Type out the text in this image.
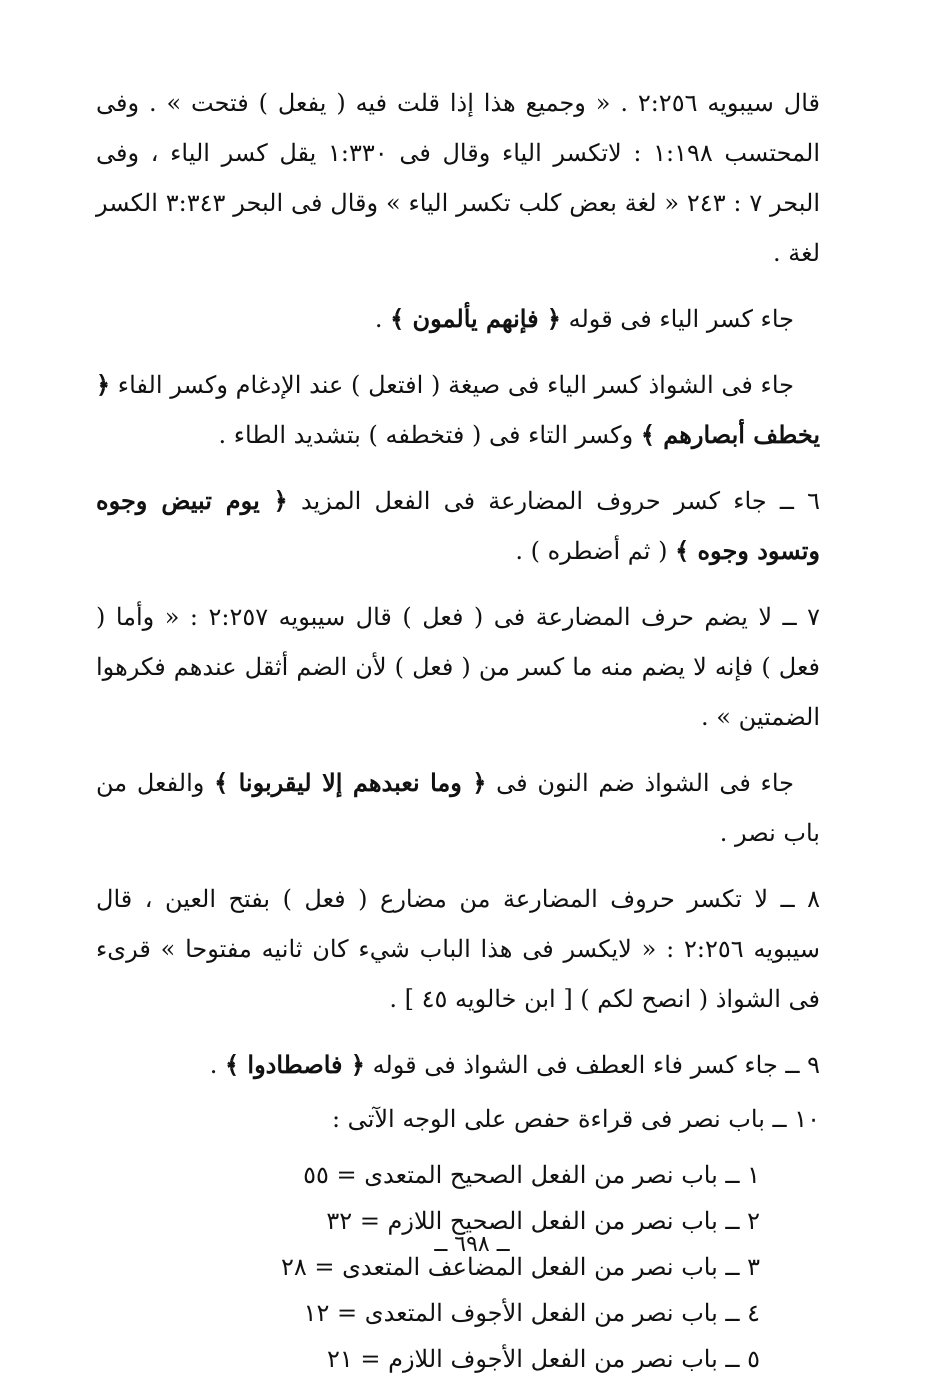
قال سيبويه ٢:٢٥٦ . « وجميع هذا إذا قلت فيه ( يفعل ) فتحت » . وفى المحتسب ١:١٩٨ : لاتكسر الياء وقال فى ١:٣٣٠ يقل كسر الياء ، وفى البحر ٧ : ٢٤٣ « لغة بعض كلب تكسر الياء » وقال فى البحر ٣:٣٤٣ الكسر لغة .

جاء كسر الياء فى قوله ﴿ فإنهم يألمون ﴾ .

جاء فى الشواذ كسر الياء فى صيغة ( افتعل ) عند الإدغام وكسر الفاء ﴿ يخطف أبصارهم ﴾ وكسر التاء فى ( فتخطفه ) بتشديد الطاء .

٦ ــ جاء كسر حروف المضارعة فى الفعل المزيد ﴿ يوم تبيض وجوه وتسود وجوه ﴾ ( ثم أضطره ) .

٧ ــ لا يضم حرف المضارعة فى ( فعل ) قال سيبويه ٢:٢٥٧ : « وأما ( فعل ) فإنه لا يضم منه ما كسر من ( فعل ) لأن الضم أثقل عندهم فكرهوا الضمتين » .

جاء فى الشواذ ضم النون فى ﴿ وما نعبدهم إلا ليقربونا ﴾ والفعل من باب نصر .

٨ ــ لا تكسر حروف المضارعة من مضارع ( فعل ) بفتح العين ، قال سيبويه ٢:٢٥٦ : « لايكسر فى هذا الباب شيء كان ثانيه مفتوحا » قرىء فى الشواذ ( انصح لكم ) [ ابن خالويه ٤٥ ] .

٩ ــ جاء كسر فاء العطف فى الشواذ فى قوله ﴿ فاصطادوا ﴾ .

١٠ ــ باب نصر فى قراءة حفص على الوجه الآتى :

١ ــ باب نصر من الفعل الصحيح المتعدى = ٥٥
٢ ــ باب نصر من الفعل الصحيح اللازم = ٣٢
٣ ــ باب نصر من الفعل المضاعف المتعدى = ٢٨
٤ ــ باب نصر من الفعل الأجوف المتعدى = ١٢
٥ ــ باب نصر من الفعل الأجوف اللازم = ٢١
ــ ٦٩٨ ــ
